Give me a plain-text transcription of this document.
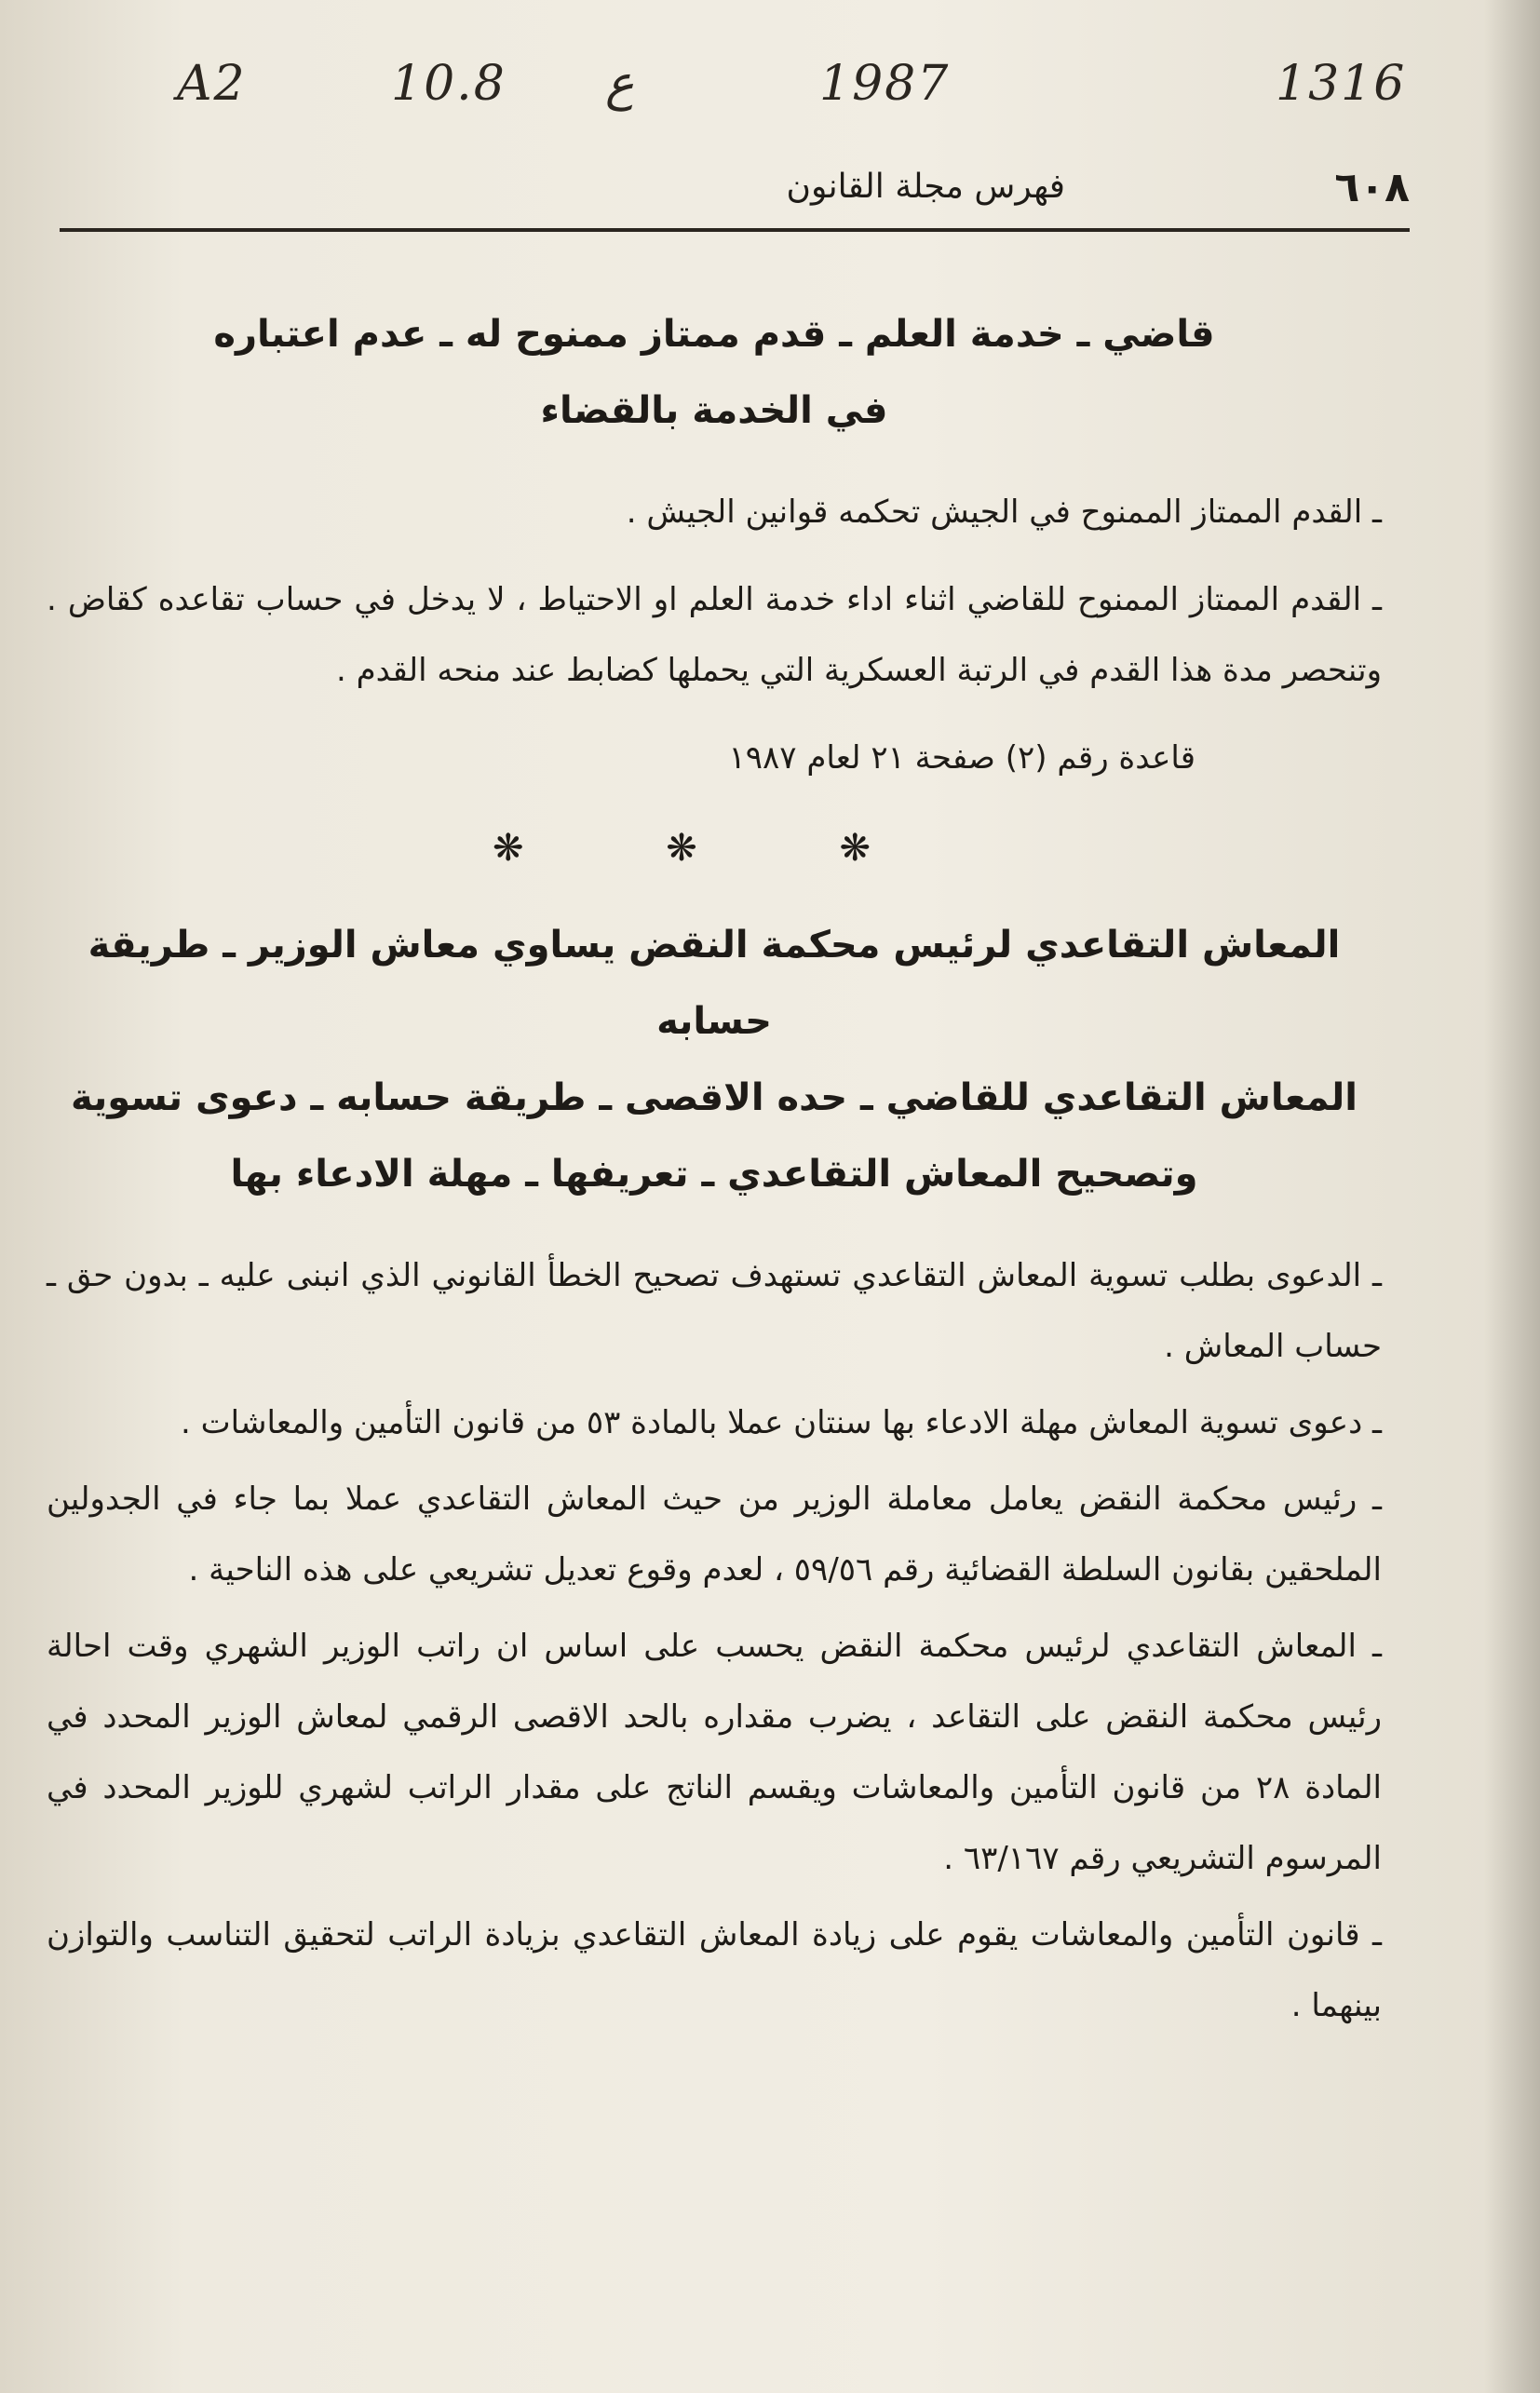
A2	10.8 ع	1987	1316
٦٠٨
فهرس مجلة القانون
قاضي ـ خدمة العلم ـ قدم ممتاز ممنوح له ـ عدم اعتباره
في الخدمة بالقضاء

ـ القدم الممتاز الممنوح في الجيش تحكمه قوانين الجيش .

ـ القدم الممتاز الممنوح للقاضي اثناء اداء خدمة العلم او الاحتياط ، لا يدخل في حساب تقاعده كقاض . وتنحصر مدة هذا القدم في الرتبة العسكرية التي يحملها كضابط عند منحه القدم .

قاعدة رقم (٢) صفحة ٢١ لعام ١٩٨٧

❋ ❋ ❋
المعاش التقاعدي لرئيس محكمة النقض يساوي معاش الوزير ـ طريقة حسابه
المعاش التقاعدي للقاضي ـ حده الاقصى ـ طريقة حسابه ـ دعوى تسوية
وتصحيح المعاش التقاعدي ـ تعريفها ـ مهلة الادعاء بها

ـ الدعوى بطلب تسوية المعاش التقاعدي تستهدف تصحيح الخطأ القانوني الذي انبنى عليه ـ بدون حق ـ حساب المعاش .

ـ دعوى تسوية المعاش مهلة الادعاء بها سنتان عملا بالمادة ٥٣ من قانون التأمين والمعاشات .

ـ رئيس محكمة النقض يعامل معاملة الوزير من حيث المعاش التقاعدي عملا بما جاء في الجدولين الملحقين بقانون السلطة القضائية رقم ٥٩/٥٦ ، لعدم وقوع تعديل تشريعي على هذه الناحية .

ـ المعاش التقاعدي لرئيس محكمة النقض يحسب على اساس ان راتب الوزير الشهري وقت احالة رئيس محكمة النقض على التقاعد ، يضرب مقداره بالحد الاقصى الرقمي لمعاش الوزير المحدد في المادة ٢٨ من قانون التأمين والمعاشات ويقسم الناتج على مقدار الراتب لشهري للوزير المحدد في المرسوم التشريعي رقم ٦٣/١٦٧ .

ـ قانون التأمين والمعاشات يقوم على زيادة المعاش التقاعدي بزيادة الراتب لتحقيق التناسب والتوازن بينهما .
